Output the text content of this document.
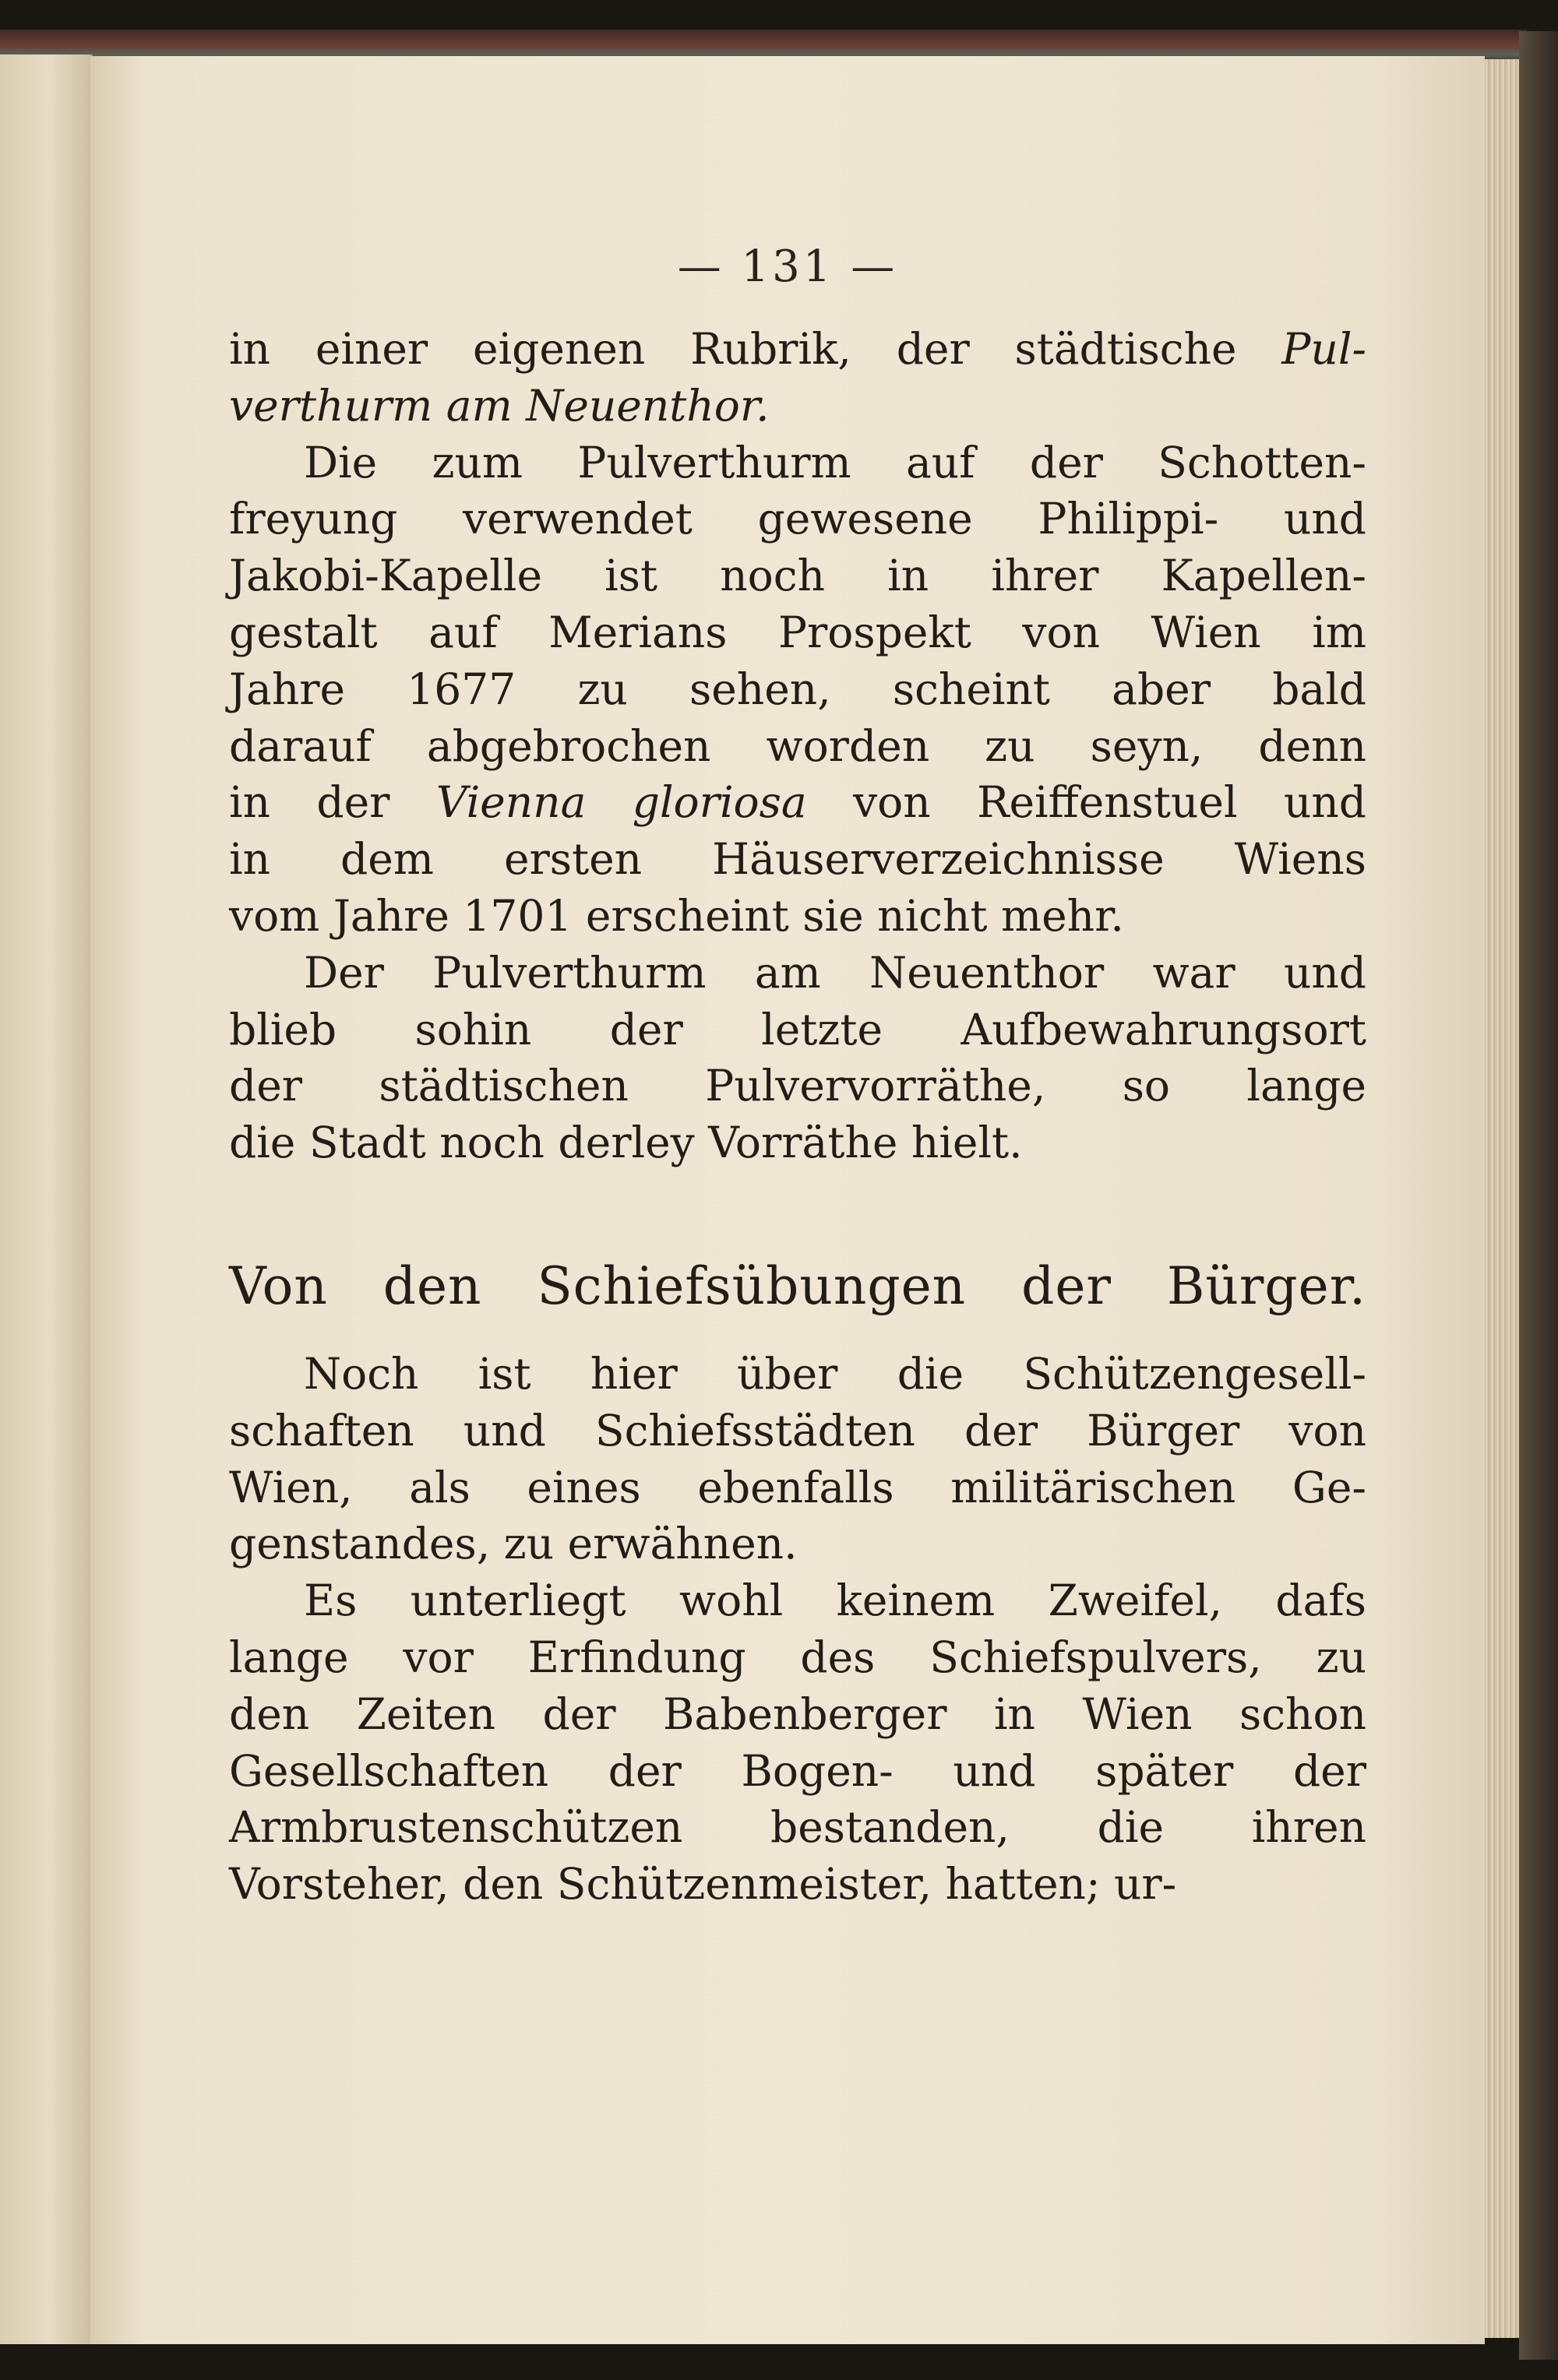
— 131 —
in einer eigenen Rubrik, der städtische Pul-
verthurm am Neuenthor.
Die zum Pulverthurm auf der Schotten-
freyung verwendet gewesene Philippi- und
Jakobi-Kapelle ist noch in ihrer Kapellen-
gestalt auf Merians Prospekt von Wien im
Jahre 1677 zu sehen, scheint aber bald
darauf abgebrochen worden zu seyn, denn
in der Vienna gloriosa von Reiffenstuel und
in dem ersten Häuserverzeichnisse Wiens
vom Jahre 1701 erscheint sie nicht mehr.
Der Pulverthurm am Neuenthor war und
blieb sohin der letzte Aufbewahrungsort
der städtischen Pulvervorräthe, so lange
die Stadt noch derley Vorräthe hielt.
Von den Schiefsübungen der Bürger.
Noch ist hier über die Schützengesell-
schaften und Schiefsstädten der Bürger von
Wien, als eines ebenfalls militärischen Ge-
genstandes, zu erwähnen.
Es unterliegt wohl keinem Zweifel, dafs
lange vor Erfindung des Schiefspulvers, zu
den Zeiten der Babenberger in Wien schon
Gesellschaften der Bogen- und später der
Armbrustenschützen bestanden, die ihren
Vorsteher, den Schützenmeister, hatten; ur-
